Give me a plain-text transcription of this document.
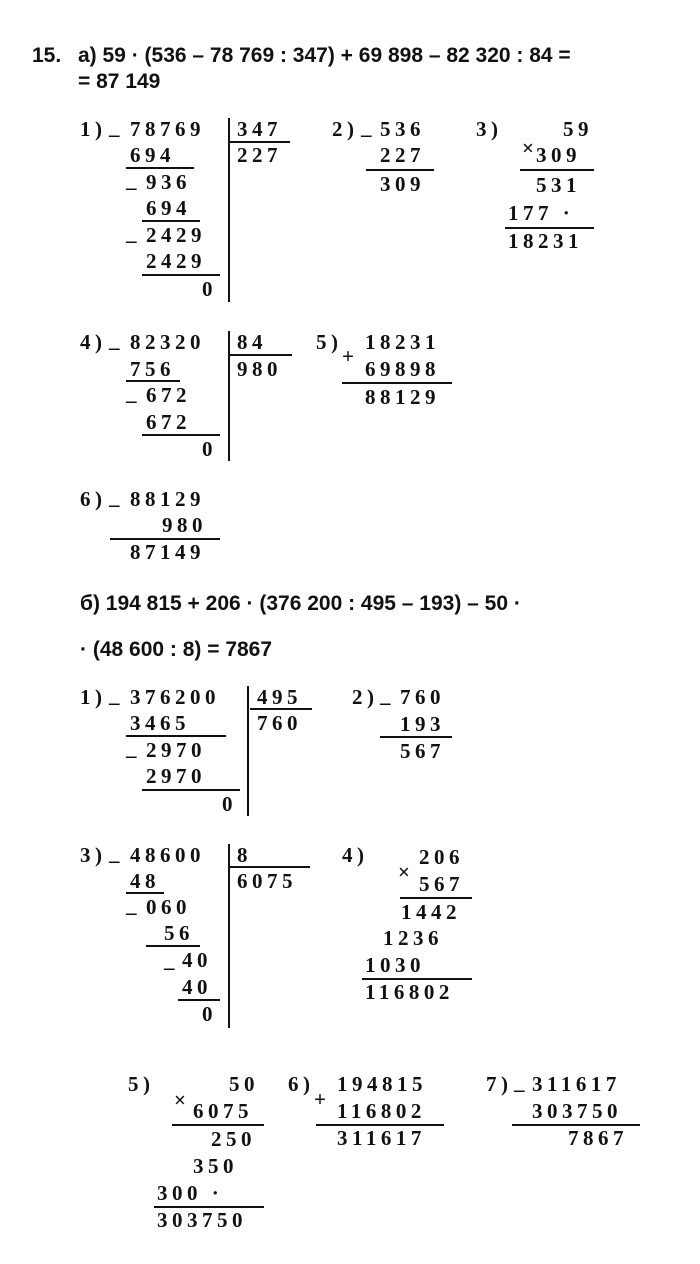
15. а) 59 · (536 – 78 769 : 347) + 69 898 – 82 320 : 84 =
= 87 149
1) – 78769 347
227
694
– 936
694
– 2429
2429
0
2) – 536
227
309
3)
×
59
309
531
177 ·
18231
4) – 82320 84
980
756
– 672
672
0
5)
+
18231
69898
88129
6) – 88129
980
87149
б) 194 815 + 206 · (376 200 : 495 – 193) – 50 ·
· (48 600 : 8) = 7867
1) – 376200 495
760
3465
– 2970
2970
0
2) – 760
193
567
3) – 48600 8
6075
48
– 060
56
– 40
40
0
4)
×
206
567
1442
1236
1030
116802
5)
×
50
6075
250
350
300 ·
303750
6)
+
194815
116802
311617
7) – 311617
303750
7867
